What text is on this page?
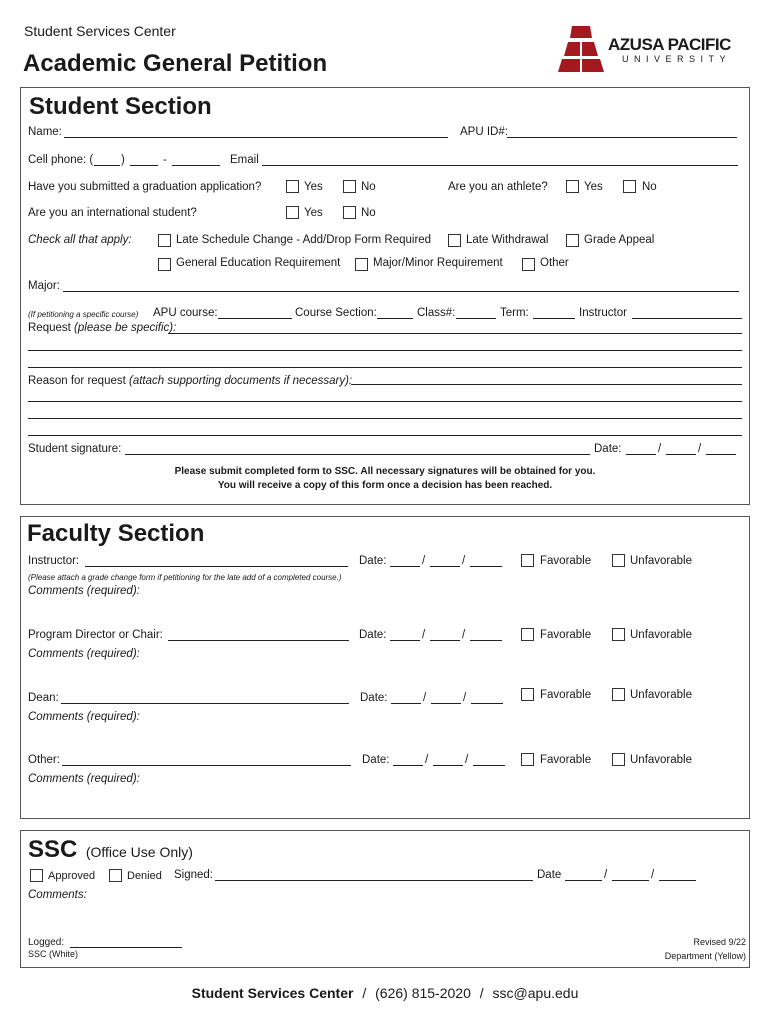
Student Services Center
Academic General Petition
AZUSA PACIFIC
UNIVERSITY
Student Section
Name:	APU ID#:
Cell phone: ( )	-	Email
Have you submitted a graduation application?	Yes	No	Are you an athlete?	Yes	No
Are you an international student?	Yes	No
Check all that apply:	Late Schedule Change - Add/Drop Form Required	Late Withdrawal	Grade Appeal
General Education Requirement	Major/Minor Requirement	Other
Major:
(If petitioning a specific course) APU course:	Course Section:	Class#:	Term:	Instructor
Request (please be specific):
Reason for request (attach supporting documents if necessary):
Student signature:	Date:	/	/
Please submit completed form to SSC. All necessary signatures will be obtained for you.
You will receive a copy of this form once a decision has been reached.
Faculty Section
Instructor:	Date:	/	/	Favorable	Unfavorable
(Please attach a grade change form if petitioning for the late add of a completed course.)
Comments (required):
Program Director or Chair:	Date:	/	/	Favorable	Unfavorable
Comments (required):
Dean:	Date:	/	/	Favorable	Unfavorable
Comments (required):
Other:	Date:	/	/	Favorable	Unfavorable
Comments (required):
SSC (Office Use Only)
Approved	Denied Signed:	Date	/	/
Comments:
Logged:
SSC (White)
Revised 9/22
Department (Yellow)
Student Services Center / (626) 815-2020 / ssc@apu.edu
